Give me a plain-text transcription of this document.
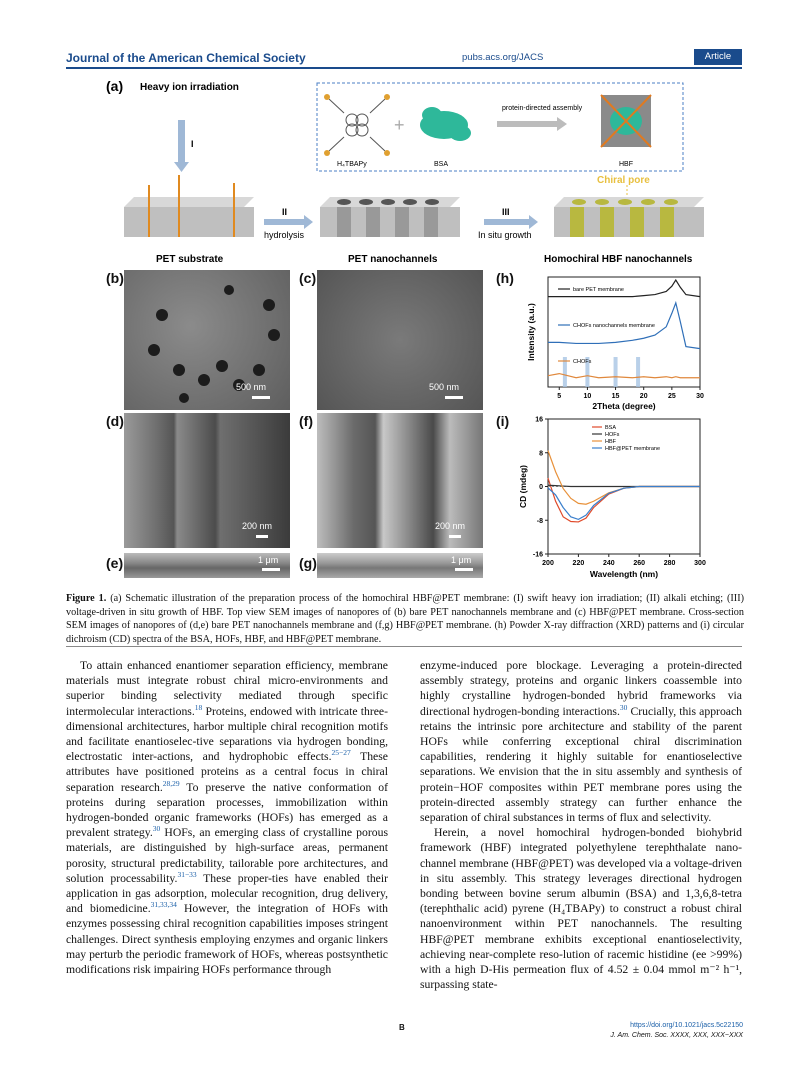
Journal of the American Chemical Society	pubs.acs.org/JACS	Article
(a) Heavy ion irradiation
I
H₄TBAPy
+
BSA
protein-directed assembly
HBF
Chiral pore
PET substrate
II
hydrolysis
PET nanochannels
III
In situ growth
Homochiral HBF nanochannels
500 nm	500 nm
200 nm	200 nm
1 μm	1 μm
(b)	(c)
(d)	(f)
(e)	(g)
(h)
(i)
bare PET membrane
CHOFs nanochannels membrane
CHOFs
5	10	15	20	25	30
2Theta (degree)
Intensity (a.u.)
BSA
HOFs
HBF
HBF@PET membrane
200	220	240	260	280	300
-16
-8
0
8
16
Wavelength (nm)
CD (mdeg)
Figure 1. (a) Schematic illustration of the preparation process of the homochiral HBF@PET membrane: (I) swift heavy ion irradiation; (II) alkali etching; (III) voltage-driven in situ growth of HBF. Top view SEM images of nanopores of (b) bare PET nanochannels membrane and (c) HBF@PET membrane. Cross-section SEM images of nanopores of (d,e) bare PET nanochannels membrane and (f,g) HBF@PET membrane. (h) Powder X-ray diffraction (XRD) patterns and (i) circular dichroism (CD) spectra of the BSA, HOFs, HBF, and HBF@PET membrane.

To attain enhanced enantiomer separation efficiency, membrane materials must integrate robust chiral micro-environments and superior binding selectivity mediated through specific intermolecular interactions.$^{18}$ Proteins, endowed with intricate three-dimensional architectures, harbor multiple chiral recognition motifs and facilitate enantioselec-tive separations via hydrogen bonding, electrostatic inter-actions, and hydrophobic effects.$^{25-27}$ These attributes have positioned proteins as a central focus in chiral separation research.$^{28,29}$ To preserve the native conformation of proteins during separation processes, immobilization within hydrogen-bonded organic frameworks (HOFs) has emerged as a prevalent strategy.$^{30}$ HOFs, an emerging class of crystalline porous materials, are distinguished by high-surface areas, permanent porosity, structural predictability, tailorable pore architectures, and solution processability.$^{31-33}$ These proper-ties have enabled their application in gas adsorption, molecular recognition, drug delivery, and biomedicine.$^{31,33,34}$ However, the integration of HOFs with enzymes possessing chiral recognition capabilities imposes stringent challenges. Direct synthesis employing enzymes and organic linkers may perturb the periodic framework of HOFs, whereas postsynthetic modifications risk impairing HOFs performance through

enzyme-induced pore blockage. Leveraging a protein-directed assembly strategy, proteins and organic linkers coassemble into highly crystalline hydrogen-bonded hybrid frameworks via directional hydrogen-bonding interactions.$^{30}$ Crucially, this approach retains the intrinsic pore architecture and stability of the parent HOFs while conferring exceptional chiral discrimination capabilities, rendering it highly suitable for enantioselective separations. We envision that the in situ assembly and synthesis of protein−HOF composites within PET membrane pores using the protein-directed assembly strategy can further enhance the separation of chiral substances in terms of flux and selectivity.

Herein, a novel homochiral hydrogen-bonded biohybrid framework (HBF) integrated polyethylene terephthalate nano-channel membrane (HBF@PET) was developed via a voltage-driven in situ assembly. This strategy leverages directional hydrogen bonding between bovine serum albumin (BSA) and 1,3,6,8-tetra (terephthalic acid) pyrene (H₄TBAPy) to construct a robust chiral nanoenvironment within PET nanochannels. The resulting HBF@PET membrane exhibits exceptional enantioselectivity, achieving near-complete reso-lution of racemic histidine (ee >99%) with a high D-His permeation flux of 4.52 ± 0.04 mmol m⁻² h⁻¹, surpassing state-

B	https://doi.org/10.1021/jacs.5c22150
J. Am. Chem. Soc. XXXX, XXX, XXX−XXX
